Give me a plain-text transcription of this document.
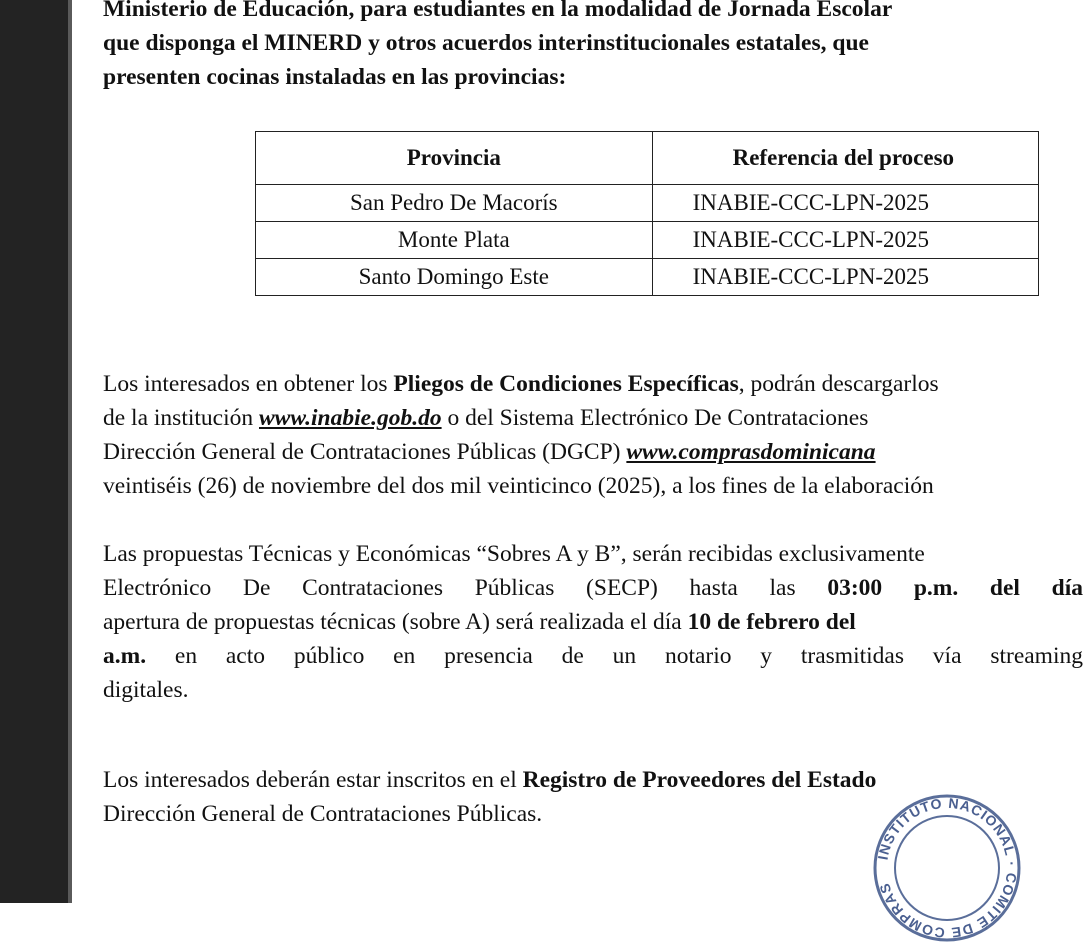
Ministerio de Educación, para estudiantes en la modalidad de Jornada Escolar
que disponga el MINERD y otros acuerdos interinstitucionales estatales, que
presenten cocinas instaladas en las provincias:
Provincia	Referencia del proceso
San Pedro De Macorís	INABIE-CCC-LPN-2025
Monte Plata	INABIE-CCC-LPN-2025
Santo Domingo Este	INABIE-CCC-LPN-2025
Los interesados en obtener los Pliegos de Condiciones Específicas, podrán descargarlos
de la institución www.inabie.gob.do o del Sistema Electrónico De Contrataciones
Dirección General de Contrataciones Públicas (DGCP) www.comprasdominicana
veintiséis (26) de noviembre del dos mil veinticinco (2025), a los fines de la elaboración
Las propuestas Técnicas y Económicas “Sobres A y B”, serán recibidas exclusivamente
Electrónico De Contrataciones Públicas (SECP) hasta las 03:00 p.m. del día
apertura de propuestas técnicas (sobre A) será realizada el día 10 de febrero del
a.m. en acto público en presencia de un notario y trasmitidas vía streaming
digitales.
Los interesados deberán estar inscritos en el Registro de Proveedores del Estado
Dirección General de Contrataciones Públicas.
INSTITUTO NACIONAL · COMITÉ DE COMPRAS
